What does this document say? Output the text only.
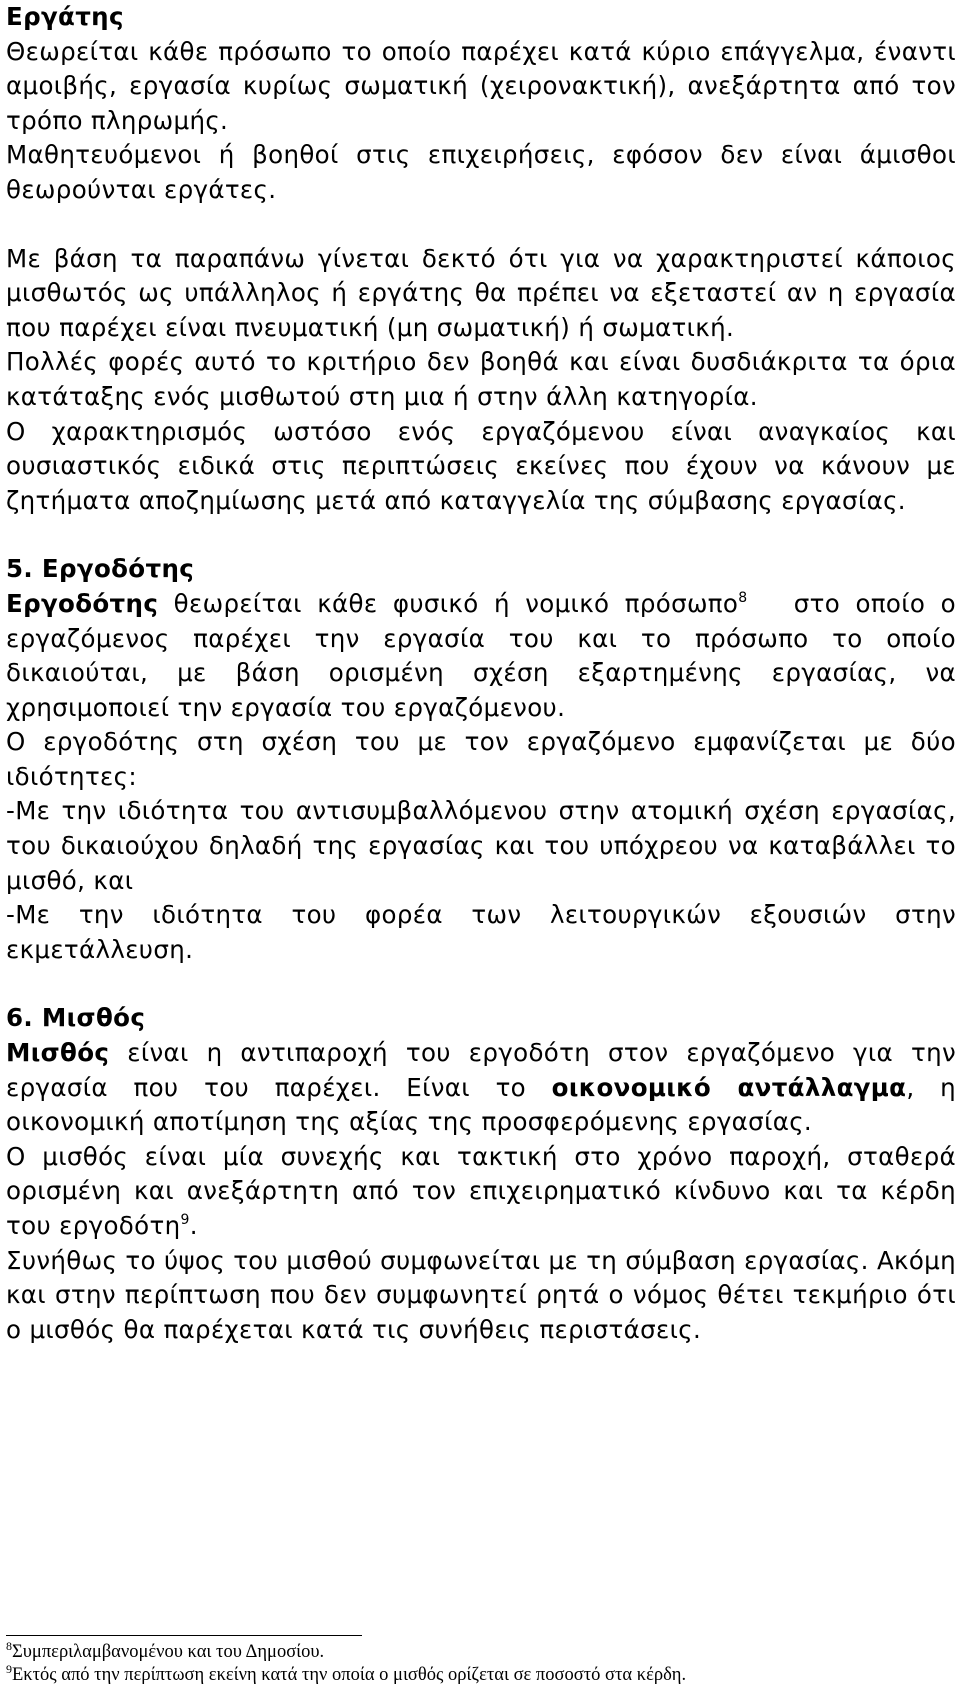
Εργάτης

Θεωρείται κάθε πρόσωπο το οποίο παρέχει κατά κύριο επάγγελμα, έναντι αμοιβής, εργασία κυρίως σωματική (χειρονακτική), ανεξάρτητα από τον τρόπο πληρωμής.

Μαθητευόμενοι ή βοηθοί στις επιχειρήσεις, εφόσον δεν είναι άμισθοι θεωρούνται εργάτες.

Με βάση τα παραπάνω γίνεται δεκτό ότι για να χαρακτηριστεί κάποιος μισθωτός ως υπάλληλος ή εργάτης θα πρέπει να εξεταστεί αν η εργασία που παρέχει είναι πνευματική (μη σωματική) ή σωματική.

Πολλές φορές αυτό το κριτήριο δεν βοηθά και είναι δυσδιάκριτα τα όρια κατάταξης ενός μισθωτού στη μια ή στην άλλη κατηγορία.

Ο χαρακτηρισμός ωστόσο ενός εργαζόμενου είναι αναγκαίος και ουσιαστικός ειδικά στις περιπτώσεις εκείνες που έχουν να κάνουν με ζητήματα αποζημίωσης μετά από καταγγελία της σύμβασης εργασίας.

5. Εργοδότης

Εργοδότης θεωρείται κάθε φυσικό ή νομικό πρόσωπο$^8$ στο οποίο ο εργαζόμενος παρέχει την εργασία του και το πρόσωπο το οποίο δικαιούται, με βάση ορισμένη σχέση εξαρτημένης εργασίας, να χρησιμοποιεί την εργασία του εργαζόμενου.

Ο εργοδότης στη σχέση του με τον εργαζόμενο εμφανίζεται με δύο ιδιότητες:

-Με την ιδιότητα του αντισυμβαλλόμενου στην ατομική σχέση εργασίας, του δικαιούχου δηλαδή της εργασίας και του υπόχρεου να καταβάλλει το μισθό, και

-Με την ιδιότητα του φορέα των λειτουργικών εξουσιών στην εκμετάλλευση.

6. Μισθός

Μισθός είναι η αντιπαροχή του εργοδότη στον εργαζόμενο για την εργασία που του παρέχει. Είναι το οικονομικό αντάλλαγμα, η οικονομική αποτίμηση της αξίας της προσφερόμενης εργασίας.

Ο μισθός είναι μία συνεχής και τακτική στο χρόνο παροχή, σταθερά ορισμένη και ανεξάρτητη από τον επιχειρηματικό κίνδυνο και τα κέρδη του εργοδότη$^9$.

Συνήθως το ύψος του μισθού συμφωνείται με τη σύμβαση εργασίας. Ακόμη και στην περίπτωση που δεν συμφωνητεί ρητά ο νόμος θέτει τεκμήριο ότι ο μισθός θα παρέχεται κατά τις συνήθεις περιστάσεις.

$^8$Συμπεριλαμβανομένου και του Δημοσίου.
$^9$Εκτός από την περίπτωση εκείνη κατά την οποία ο μισθός ορίζεται σε ποσοστό στα κέρδη.
